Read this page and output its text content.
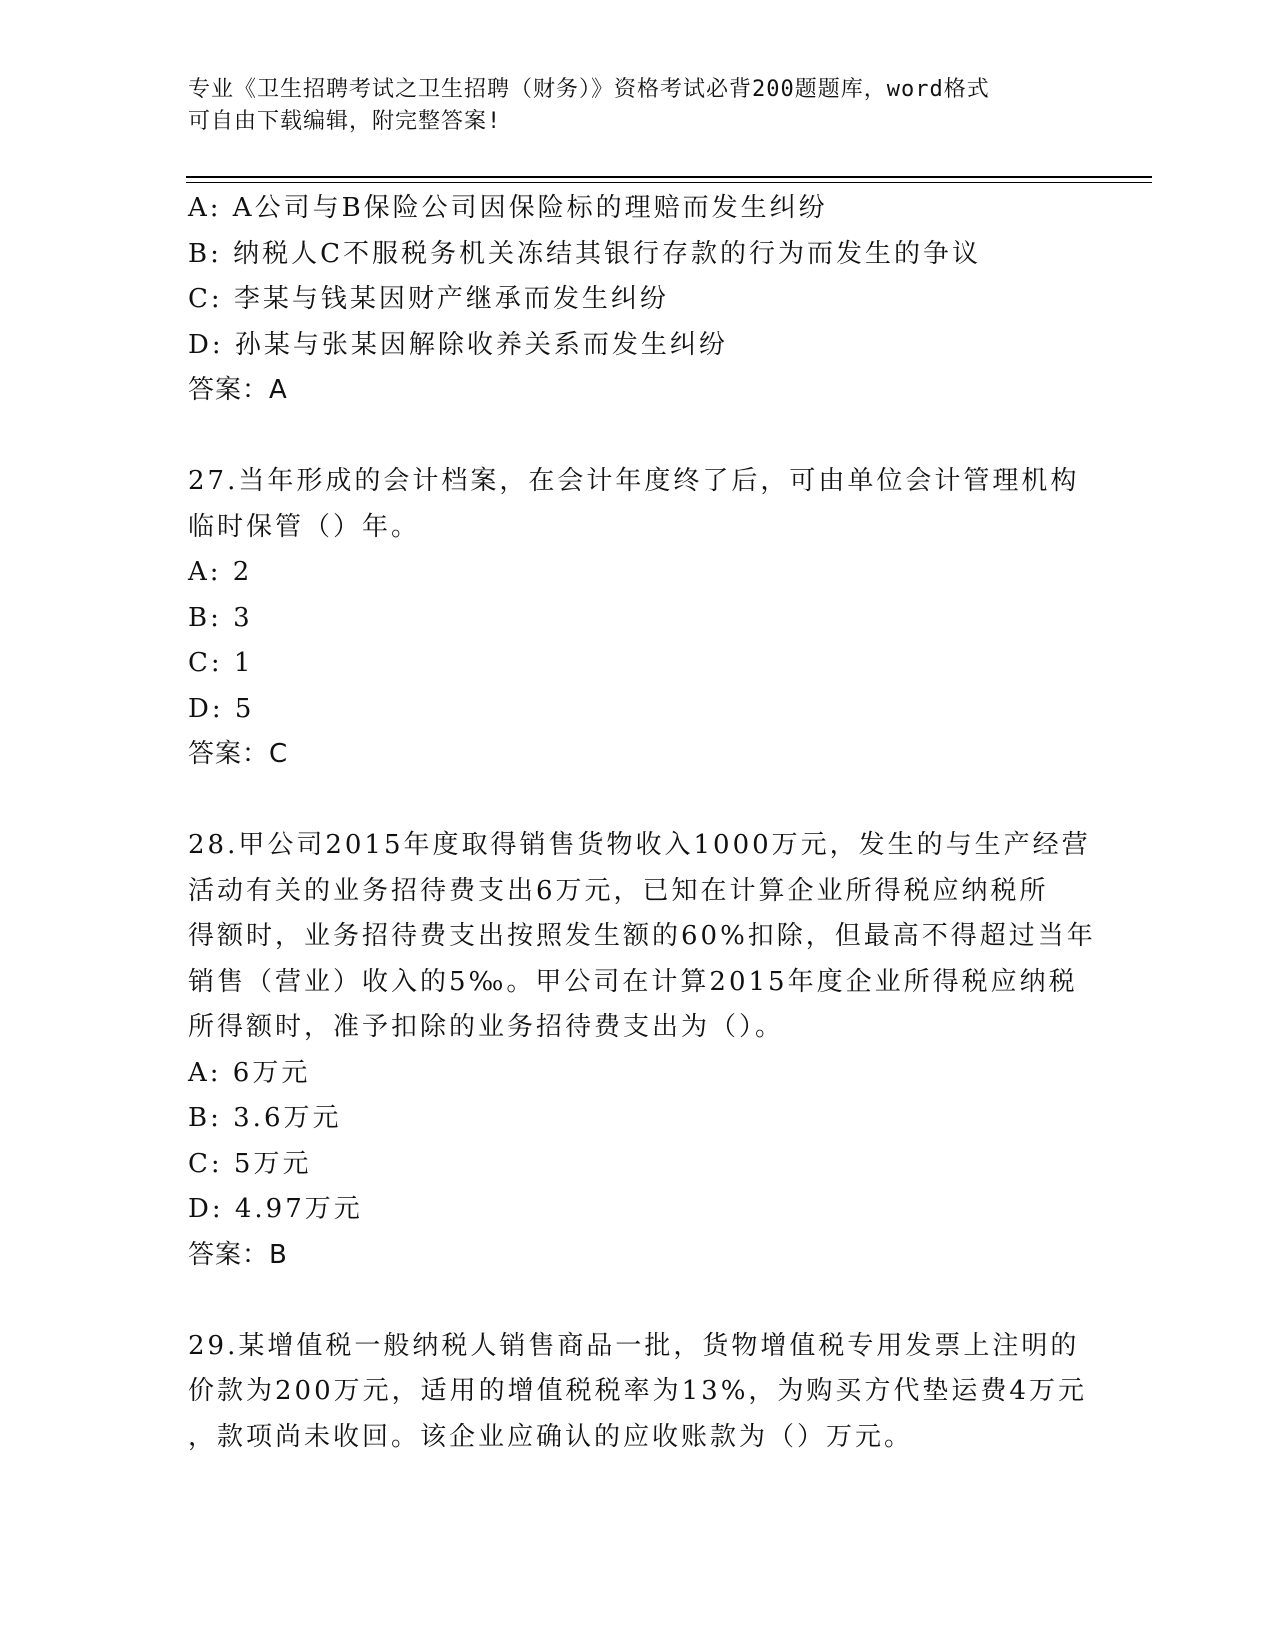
专业《卫生招聘考试之卫生招聘（财务）》资格考试必背200题题库，word格式
可自由下载编辑，附完整答案!
A: A公司与B保险公司因保险标的理赔而发生纠纷
B: 纳税人C不服税务机关冻结其银行存款的行为而发生的争议
C: 李某与钱某因财产继承而发生纠纷
D: 孙某与张某因解除收养关系而发生纠纷
答案：A
27.当年形成的会计档案，在会计年度终了后，可由单位会计管理机构
临时保管（）年。
A: 2
B: 3
C: 1
D: 5
答案：C
28.甲公司2015年度取得销售货物收入1000万元，发生的与生产经营
活动有关的业务招待费支出6万元，已知在计算企业所得税应纳税所
得额时，业务招待费支出按照发生额的60%扣除，但最高不得超过当年
销售（营业）收入的5‰。甲公司在计算2015年度企业所得税应纳税
所得额时，准予扣除的业务招待费支出为（）。
A: 6万元
B: 3.6万元
C: 5万元
D: 4.97万元
答案：B
29.某增值税一般纳税人销售商品一批，货物增值税专用发票上注明的
价款为200万元，适用的增值税税率为13%，为购买方代垫运费4万元
，款项尚未收回。该企业应确认的应收账款为（）万元。
